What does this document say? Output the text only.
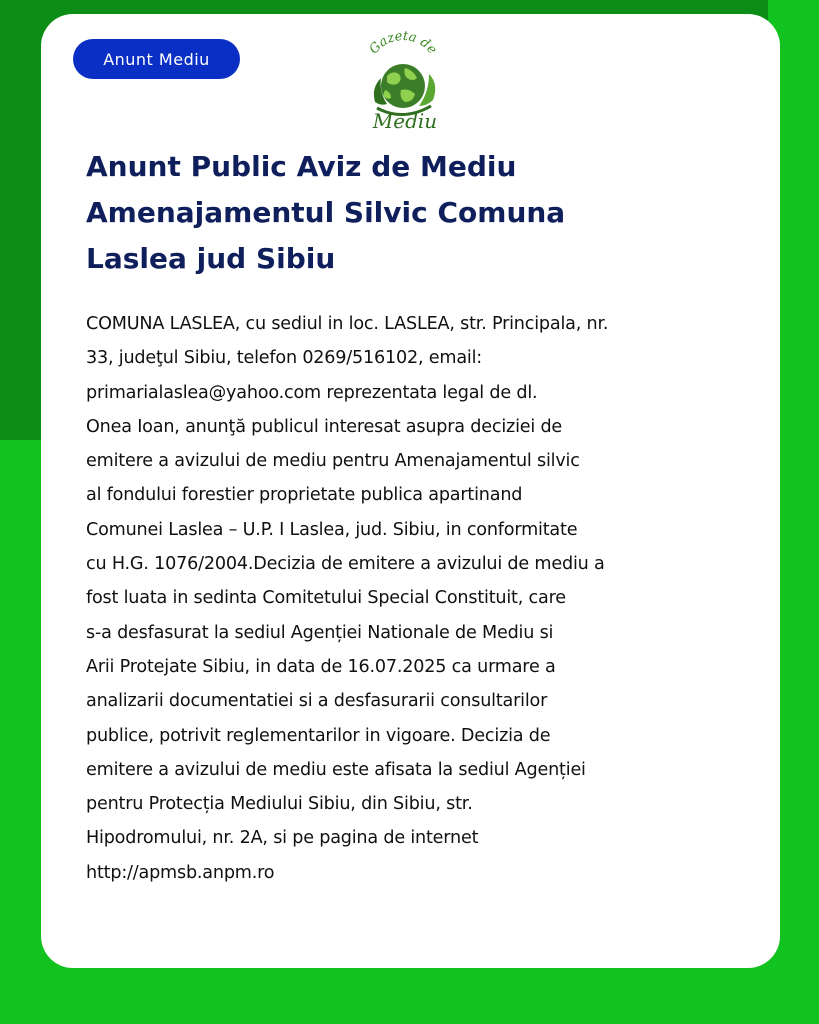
Anunt Mediu
Gazeta de
Mediu
Anunt Public Aviz de Mediu
Amenajamentul Silvic Comuna
Laslea jud Sibiu

COMUNA LASLEA, cu sediul in loc. LASLEA, str. Principala, nr.
33, judeţul Sibiu, telefon 0269/516102, email:
primarialaslea@yahoo.com reprezentata legal de dl.
Onea Ioan, anunţă publicul interesat asupra deciziei de
emitere a avizului de mediu pentru Amenajamentul silvic
al fondului forestier proprietate publica apartinand
Comunei Laslea – U.P. I Laslea, jud. Sibiu, in conformitate
cu H.G. 1076/2004.Decizia de emitere a avizului de mediu a
fost luata in sedinta Comitetului Special Constituit, care
s-a desfasurat la sediul Agenției Nationale de Mediu si
Arii Protejate Sibiu, in data de 16.07.2025 ca urmare a
analizarii documentatiei si a desfasurarii consultarilor
publice, potrivit reglementarilor in vigoare. Decizia de
emitere a avizului de mediu este afisata la sediul Agenției
pentru Protecția Mediului Sibiu, din Sibiu, str.
Hipodromului, nr. 2A, si pe pagina de internet
http://apmsb.anpm.ro
